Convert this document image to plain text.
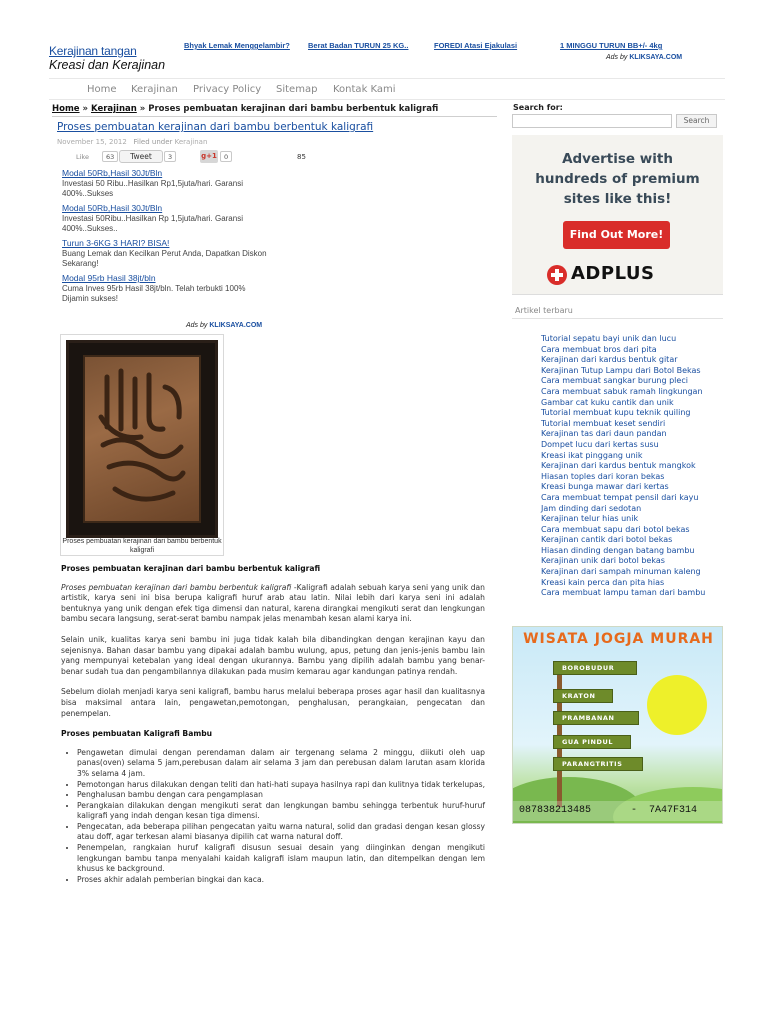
Kerajinan tangan
Kreasi dan Kerajinan
Bhyak Lemak Menggelambir? Berat Badan TURUN 25 KG..	FOREDI Atasi Ejakulasi	1 MINGGU TURUN BB+/- 4kg
Ads by KLIKSAYA.COM
Home Kerajinan Privacy Policy Sitemap Kontak Kami
Home » Kerajinan » Proses pembuatan kerajinan dari bambu berbentuk kaligrafi
Proses pembuatan kerajinan dari bambu berbentuk kaligrafi
November 15, 2012 Filed under Kerajinan
Like	63	Tweet	3	g+1	0	85
Modal 50Rb,Hasil 30Jt/Bln
Investasi 50 Ribu..Hasilkan Rp1,5juta/hari. Garansi 400%..Sukses
Modal 50Rb,Hasil 30Jt/Bln
Investasi 50Ribu..Hasilkan Rp 1,5juta/hari. Garansi 400%..Sukses..
Turun 3-6KG 3 HARI? BISA!
Buang Lemak dan Kecilkan Perut Anda, Dapatkan Diskon Sekarang!
Modal 95rb Hasil 38jt/bln
Cuma Inves 95rb Hasil 38jt/bln. Telah terbukti 100% Dijamin sukses!
Ads by KLIKSAYA.COM
Proses pembuatan kerajinan dari bambu berbentuk kaligrafi
Proses pembuatan kerajinan dari bambu berbentuk kaligrafi

Proses pembuatan kerajinan dari bambu berbentuk kaligrafi -Kaligrafi adalah sebuah karya seni yang unik dan artistik, karya seni ini bisa berupa kaligrafi huruf arab atau latin. Nilai lebih dari karya seni ini adalah bentuknya yang unik dengan efek tiga dimensi dan natural, karena dirangkai mengikuti serat dan lengkungan bambu secara langsung, serat-serat bambu nampak jelas menambah kesan alami karya ini.

Selain unik, kualitas karya seni bambu ini juga tidak kalah bila dibandingkan dengan kerajinan kayu dan sejenisnya. Bahan dasar bambu yang dipakai adalah bambu wulung, apus, petung dan jenis-jenis bambu lain yang mempunyai ketebalan yang ideal dengan ukurannya. Bambu yang dipilih adalah bambu yang benar-benar sudah tua dan pengambilannya dilakukan pada musim kemarau agar kandungan patinya rendah.

Sebelum diolah menjadi karya seni kaligrafi, bambu harus melalui beberapa proses agar hasil dan kualitasnya bisa maksimal antara lain, pengawetan,pemotongan, penghalusan, perangkaian, pengecatan dan penempelan.

Proses pembuatan Kaligrafi Bambu
• Pengawetan dimulai dengan perendaman dalam air tergenang selama 2 minggu, diikuti oleh uap panas(oven) selama 5 jam,perebusan dalam air selama 3 jam dan perebusan dalam larutan asam klorida 3% selama 4 jam.
• Pemotongan harus dilakukan dengan teliti dan hati-hati supaya hasilnya rapi dan kulitnya tidak terkelupas,
• Penghalusan bambu dengan cara pengamplasan
• Perangkaian dilakukan dengan mengikuti serat dan lengkungan bambu sehingga terbentuk huruf-huruf kaligrafi yang indah dengan kesan tiga dimensi.
• Pengecatan, ada beberapa pilihan pengecatan yaitu warna natural, solid dan gradasi dengan kesan glossy atau doff, agar terkesan alami biasanya dipilih cat warna natural doff.
• Penempelan, rangkaian huruf kaligrafi disusun sesuai desain yang diinginkan dengan mengikuti lengkungan bambu tanpa menyalahi kaidah kaligrafi islam maupun latin, dan ditempelkan dengan lem khusus ke background.
• Proses akhir adalah pemberian bingkai dan kaca.
Search for:
Search
Advertise with
hundreds of premium
sites like this!
Find Out More!
ADPLUS
Artikel terbaru
Tutorial sepatu bayi unik dan lucu
Cara membuat bros dari pita
Kerajinan dari kardus bentuk gitar
Kerajinan Tutup Lampu dari Botol Bekas
Cara membuat sangkar burung pleci
Cara membuat sabuk ramah lingkungan
Gambar cat kuku cantik dan unik
Tutorial membuat kupu teknik quiling
Tutorial membuat keset sendiri
Kerajinan tas dari daun pandan
Dompet lucu dari kertas susu
Kreasi ikat pinggang unik
Kerajinan dari kardus bentuk mangkok
Hiasan toples dari koran bekas
Kreasi bunga mawar dari kertas
Cara membuat tempat pensil dari kayu
Jam dinding dari sedotan
Kerajinan telur hias unik
Cara membuat sapu dari botol bekas
Kerajinan cantik dari botol bekas
Hiasan dinding dengan batang bambu
Kerajinan unik dari botol bekas
Kerajinan dari sampah minuman kaleng
Kreasi kain perca dan pita hias
Cara membuat lampu taman dari bambu
WISATA JOGJA MURAH
BOROBUDUR
KRATON
PRAMBANAN
GUA PINDUL
PARANGTRITIS
087838213485	- 7A47F314
